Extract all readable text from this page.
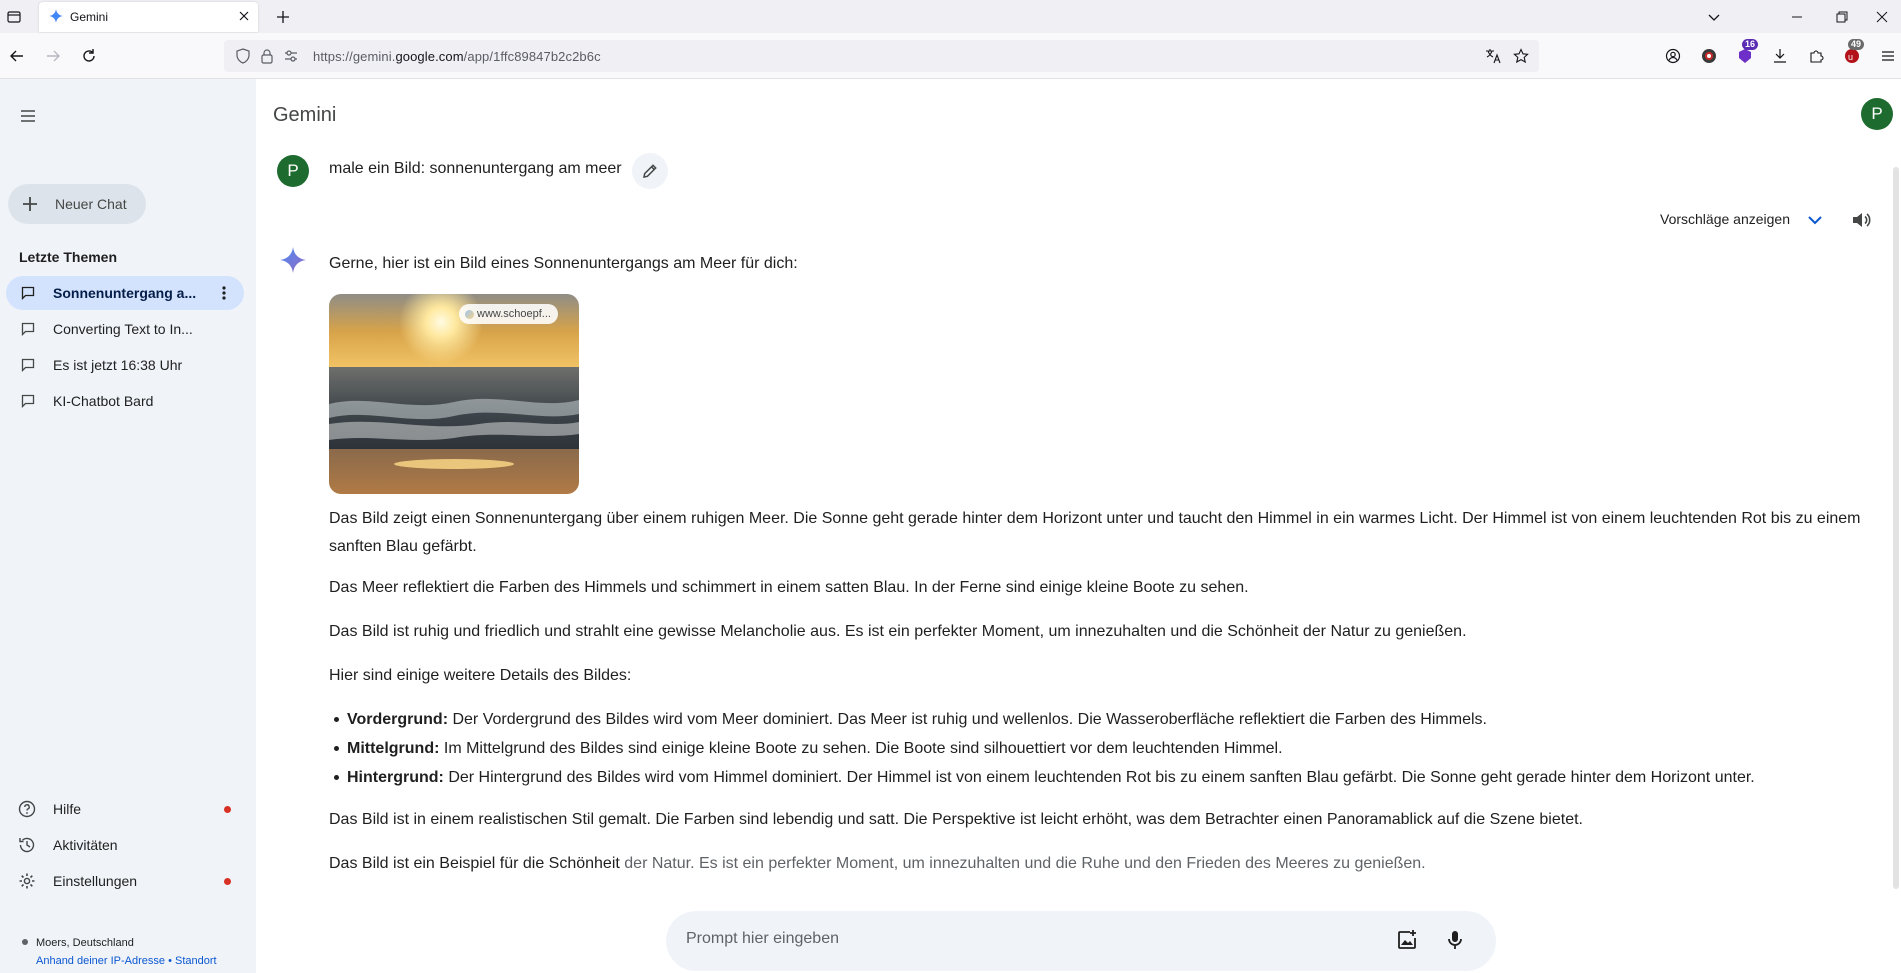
Gemini
https://gemini.google.com/app/1ffc89847b2c2b6c
16
u
49
Neuer Chat
Letzte Themen
Sonnenuntergang a...
Converting Text to In...
Es ist jetzt 16:38 Uhr
KI-Chatbot Bard
Hilfe
Aktivitäten
Einstellungen
Moers, Deutschland
Anhand deiner IP-Adresse • Standort
Gemini	P
P	male ein Bild: sonnenuntergang am meer
Vorschläge anzeigen
Gerne, hier ist ein Bild eines Sonnenuntergangs am Meer für dich:
www.schoepf...
Das Bild zeigt einen Sonnenuntergang über einem ruhigen Meer. Die Sonne geht gerade hinter dem Horizont unter und taucht den Himmel in ein warmes Licht. Der Himmel ist von einem leuchtenden Rot bis zu einem sanften Blau gefärbt.
Das Meer reflektiert die Farben des Himmels und schimmert in einem satten Blau. In der Ferne sind einige kleine Boote zu sehen.
Das Bild ist ruhig und friedlich und strahlt eine gewisse Melancholie aus. Es ist ein perfekter Moment, um innezuhalten und die Schönheit der Natur zu genießen.
Hier sind einige weitere Details des Bildes:
Vordergrund: Der Vordergrund des Bildes wird vom Meer dominiert. Das Meer ist ruhig und wellenlos. Die Wasseroberfläche reflektiert die Farben des Himmels.
Mittelgrund: Im Mittelgrund des Bildes sind einige kleine Boote zu sehen. Die Boote sind silhouettiert vor dem leuchtenden Himmel.
Hintergrund: Der Hintergrund des Bildes wird vom Himmel dominiert. Der Himmel ist von einem leuchtenden Rot bis zu einem sanften Blau gefärbt. Die Sonne geht gerade hinter dem Horizont unter.
Das Bild ist in einem realistischen Stil gemalt. Die Farben sind lebendig und satt. Die Perspektive ist leicht erhöht, was dem Betrachter einen Panoramablick auf die Szene bietet.
Das Bild ist ein Beispiel für die Schönheit der Natur. Es ist ein perfekter Moment, um innezuhalten und die Ruhe und den Frieden des Meeres zu genießen.
Prompt hier eingeben
